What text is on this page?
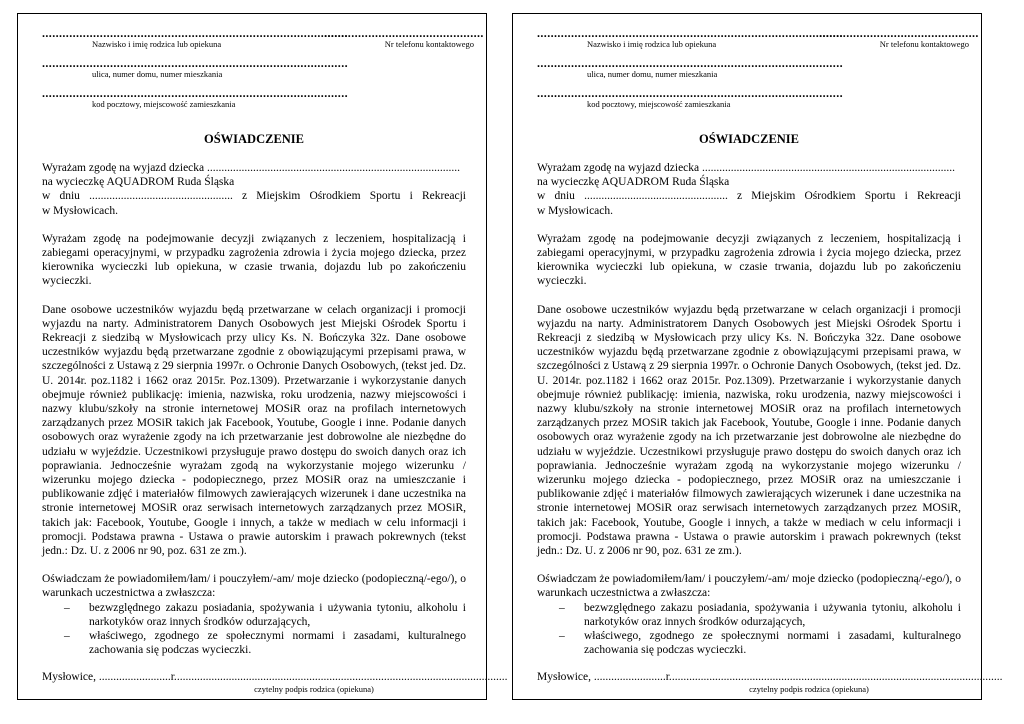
..........................................................................................
Nazwisko i imię rodzica lub opiekuna
...............................................
Nr telefonu kontaktowego
..........................................................................................
ulica, numer domu, numer mieszkania
..........................................................................................
kod pocztowy, miejscowość zamieszkania
OŚWIADCZENIE
Wyrażam zgodę na wyjazd dziecka ........................................................................................
na wycieczkę AQUADROM Ruda Śląska
w dniu .................................................. z Miejskim Ośrodkiem Sportu i Rekreacji
w Mysłowicach.

Wyrażam zgodę na podejmowanie decyzji związanych z leczeniem, hospitalizacją i zabiegami operacyjnymi, w przypadku zagrożenia zdrowia i życia mojego dziecka, przez kierownika wycieczki lub opiekuna, w czasie trwania, dojazdu lub po zakończeniu wycieczki.

Dane osobowe uczestników wyjazdu będą przetwarzane w celach organizacji i promocji wyjazdu na narty. Administratorem Danych Osobowych jest Miejski Ośrodek Sportu i Rekreacji z siedzibą w Mysłowicach przy ulicy Ks. N. Bończyka 32z. Dane osobowe uczestników wyjazdu będą przetwarzane zgodnie z obowiązującymi przepisami prawa, w szczególności z Ustawą z 29 sierpnia 1997r. o Ochronie Danych Osobowych, (tekst jed. Dz. U. 2014r. poz.1182 i 1662 oraz 2015r. Poz.1309). Przetwarzanie i wykorzystanie danych obejmuje również publikację: imienia, nazwiska, roku urodzenia, nazwy miejscowości i nazwy klubu/szkoły na stronie internetowej MOSiR oraz na profilach internetowych zarządzanych przez MOSiR takich jak Facebook, Youtube, Google i inne. Podanie danych osobowych oraz wyrażenie zgody na ich przetwarzanie jest dobrowolne ale niezbędne do udziału w wyjeździe. Uczestnikowi przysługuje prawo dostępu do swoich danych oraz ich poprawiania. Jednocześnie wyrażam zgodą na wykorzystanie mojego wizerunku / wizerunku mojego dziecka - podopiecznego, przez MOSiR oraz na umieszczanie i publikowanie zdjęć i materiałów filmowych zawierających wizerunek i dane uczestnika na stronie internetowej MOSiR oraz serwisach internetowych zarządzanych przez MOSiR, takich jak: Facebook, Youtube, Google i innych, a także w mediach w celu informacji i promocji. Podstawa prawna - Ustawa o prawie autorskim i prawach pokrewnych (tekst jedn.: Dz. U. z 2006 nr 90, poz. 631 ze zm.).

Oświadczam że powiadomiłem/łam/ i pouczyłem/-am/ moje dziecko (podopieczną/-ego/), o warunkach uczestnictwa a zwłaszcza:

– bezwzględnego zakazu posiadania, spożywania i używania tytoniu, alkoholu i narkotyków oraz innych środków odurzających,
– właściwego, zgodnego ze społecznymi normami i zasadami, kulturalnego zachowania się podczas wycieczki.
Mysłowice, .........................r. ...................................................................................................................
czytelny podpis rodzica (opiekuna)
..........................................................................................
Nazwisko i imię rodzica lub opiekuna
...............................................
Nr telefonu kontaktowego
..........................................................................................
ulica, numer domu, numer mieszkania
..........................................................................................
kod pocztowy, miejscowość zamieszkania
OŚWIADCZENIE
Wyrażam zgodę na wyjazd dziecka ........................................................................................
na wycieczkę AQUADROM Ruda Śląska
w dniu .................................................. z Miejskim Ośrodkiem Sportu i Rekreacji
w Mysłowicach.

Wyrażam zgodę na podejmowanie decyzji związanych z leczeniem, hospitalizacją i zabiegami operacyjnymi, w przypadku zagrożenia zdrowia i życia mojego dziecka, przez kierownika wycieczki lub opiekuna, w czasie trwania, dojazdu lub po zakończeniu wycieczki.

Dane osobowe uczestników wyjazdu będą przetwarzane w celach organizacji i promocji wyjazdu na narty. Administratorem Danych Osobowych jest Miejski Ośrodek Sportu i Rekreacji z siedzibą w Mysłowicach przy ulicy Ks. N. Bończyka 32z. Dane osobowe uczestników wyjazdu będą przetwarzane zgodnie z obowiązującymi przepisami prawa, w szczególności z Ustawą z 29 sierpnia 1997r. o Ochronie Danych Osobowych, (tekst jed. Dz. U. 2014r. poz.1182 i 1662 oraz 2015r. Poz.1309). Przetwarzanie i wykorzystanie danych obejmuje również publikację: imienia, nazwiska, roku urodzenia, nazwy miejscowości i nazwy klubu/szkoły na stronie internetowej MOSiR oraz na profilach internetowych zarządzanych przez MOSiR takich jak Facebook, Youtube, Google i inne. Podanie danych osobowych oraz wyrażenie zgody na ich przetwarzanie jest dobrowolne ale niezbędne do udziału w wyjeździe. Uczestnikowi przysługuje prawo dostępu do swoich danych oraz ich poprawiania. Jednocześnie wyrażam zgodą na wykorzystanie mojego wizerunku / wizerunku mojego dziecka - podopiecznego, przez MOSiR oraz na umieszczanie i publikowanie zdjęć i materiałów filmowych zawierających wizerunek i dane uczestnika na stronie internetowej MOSiR oraz serwisach internetowych zarządzanych przez MOSiR, takich jak: Facebook, Youtube, Google i innych, a także w mediach w celu informacji i promocji. Podstawa prawna - Ustawa o prawie autorskim i prawach pokrewnych (tekst jedn.: Dz. U. z 2006 nr 90, poz. 631 ze zm.).

Oświadczam że powiadomiłem/łam/ i pouczyłem/-am/ moje dziecko (podopieczną/-ego/), o warunkach uczestnictwa a zwłaszcza:

– bezwzględnego zakazu posiadania, spożywania i używania tytoniu, alkoholu i narkotyków oraz innych środków odurzających,
– właściwego, zgodnego ze społecznymi normami i zasadami, kulturalnego zachowania się podczas wycieczki.
Mysłowice, .........................r. ...................................................................................................................
czytelny podpis rodzica (opiekuna)
